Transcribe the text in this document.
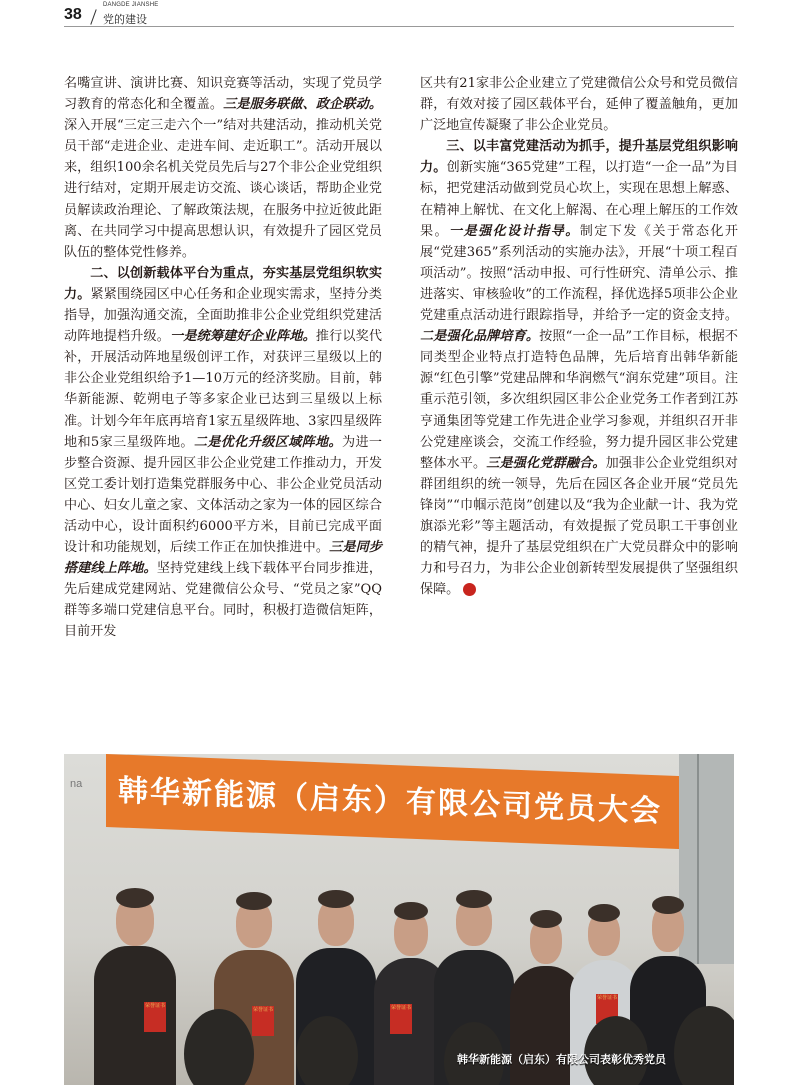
38
DANGDE JIANSHE
党的建设

名嘴宣讲、演讲比赛、知识竞赛等活动，实现了党员学习教育的常态化和全覆盖。三是服务联做、政企联动。深入开展“三定三走六个一”结对共建活动，推动机关党员干部“走进企业、走进车间、走近职工”。活动开展以来，组织100余名机关党员先后与27个非公企业党组织进行结对，定期开展走访交流、谈心谈话，帮助企业党员解读政治理论、了解政策法规，在服务中拉近彼此距离、在共同学习中提高思想认识，有效提升了园区党员队伍的整体党性修养。

二、以创新载体平台为重点，夯实基层党组织软实力。紧紧围绕园区中心任务和企业现实需求，坚持分类指导，加强沟通交流，全面助推非公企业党组织党建活动阵地提档升级。一是统筹建好企业阵地。推行以奖代补，开展活动阵地星级创评工作，对获评三星级以上的非公企业党组织给予1—10万元的经济奖励。目前，韩华新能源、乾朔电子等多家企业已达到三星级以上标准。计划今年年底再培育1家五星级阵地、3家四星级阵地和5家三星级阵地。二是优化升级区域阵地。为进一步整合资源、提升园区非公企业党建工作推动力，开发区党工委计划打造集党群服务中心、非公企业党员活动中心、妇女儿童之家、文体活动之家为一体的园区综合活动中心，设计面积约6000平方米，目前已完成平面设计和功能规划，后续工作正在加快推进中。三是同步搭建线上阵地。坚持党建线上线下载体平台同步推进，先后建成党建网站、党建微信公众号、“党员之家”QQ群等多端口党建信息平台。同时，积极打造微信矩阵，目前开发

区共有21家非公企业建立了党建微信公众号和党员微信群，有效对接了园区载体平台，延伸了覆盖触角，更加广泛地宣传凝聚了非公企业党员。

三、以丰富党建活动为抓手，提升基层党组织影响力。创新实施“365党建”工程，以打造“一企一品”为目标，把党建活动做到党员心坎上，实现在思想上解惑、在精神上解忧、在文化上解渴、在心理上解压的工作效果。一是强化设计指导。制定下发《关于常态化开展“党建365”系列活动的实施办法》，开展“十项工程百项活动”。按照“活动申报、可行性研究、清单公示、推进落实、审核验收”的工作流程，择优选择5项非公企业党建重点活动进行跟踪指导，并给予一定的资金支持。二是强化品牌培育。按照“一企一品”工作目标，根据不同类型企业特点打造特色品牌，先后培育出韩华新能源“红色引擎”党建品牌和华润燃气“润东党建”项目。注重示范引领，多次组织园区非公企业党务工作者到江苏亨通集团等党建工作先进企业学习参观，并组织召开非公党建座谈会，交流工作经验，努力提升园区非公党建整体水平。三是强化党群融合。加强非公企业党组织对群团组织的统一领导，先后在园区各企业开展“党员先锋岗”“巾帼示范岗”创建以及“我为企业献一计、我为党旗添光彩”等主题活动，有效提振了党员职工干事创业的精气神，提升了基层党组织在广大党员群众中的影响力和号召力，为非公企业创新转型发展提供了坚强组织保障。	党

na	韩华新能源（启东）有限公司党员大会
荣誉证书
荣誉证书	荣誉证书
荣誉证书
韩华新能源（启东）有限公司表彰优秀党员
